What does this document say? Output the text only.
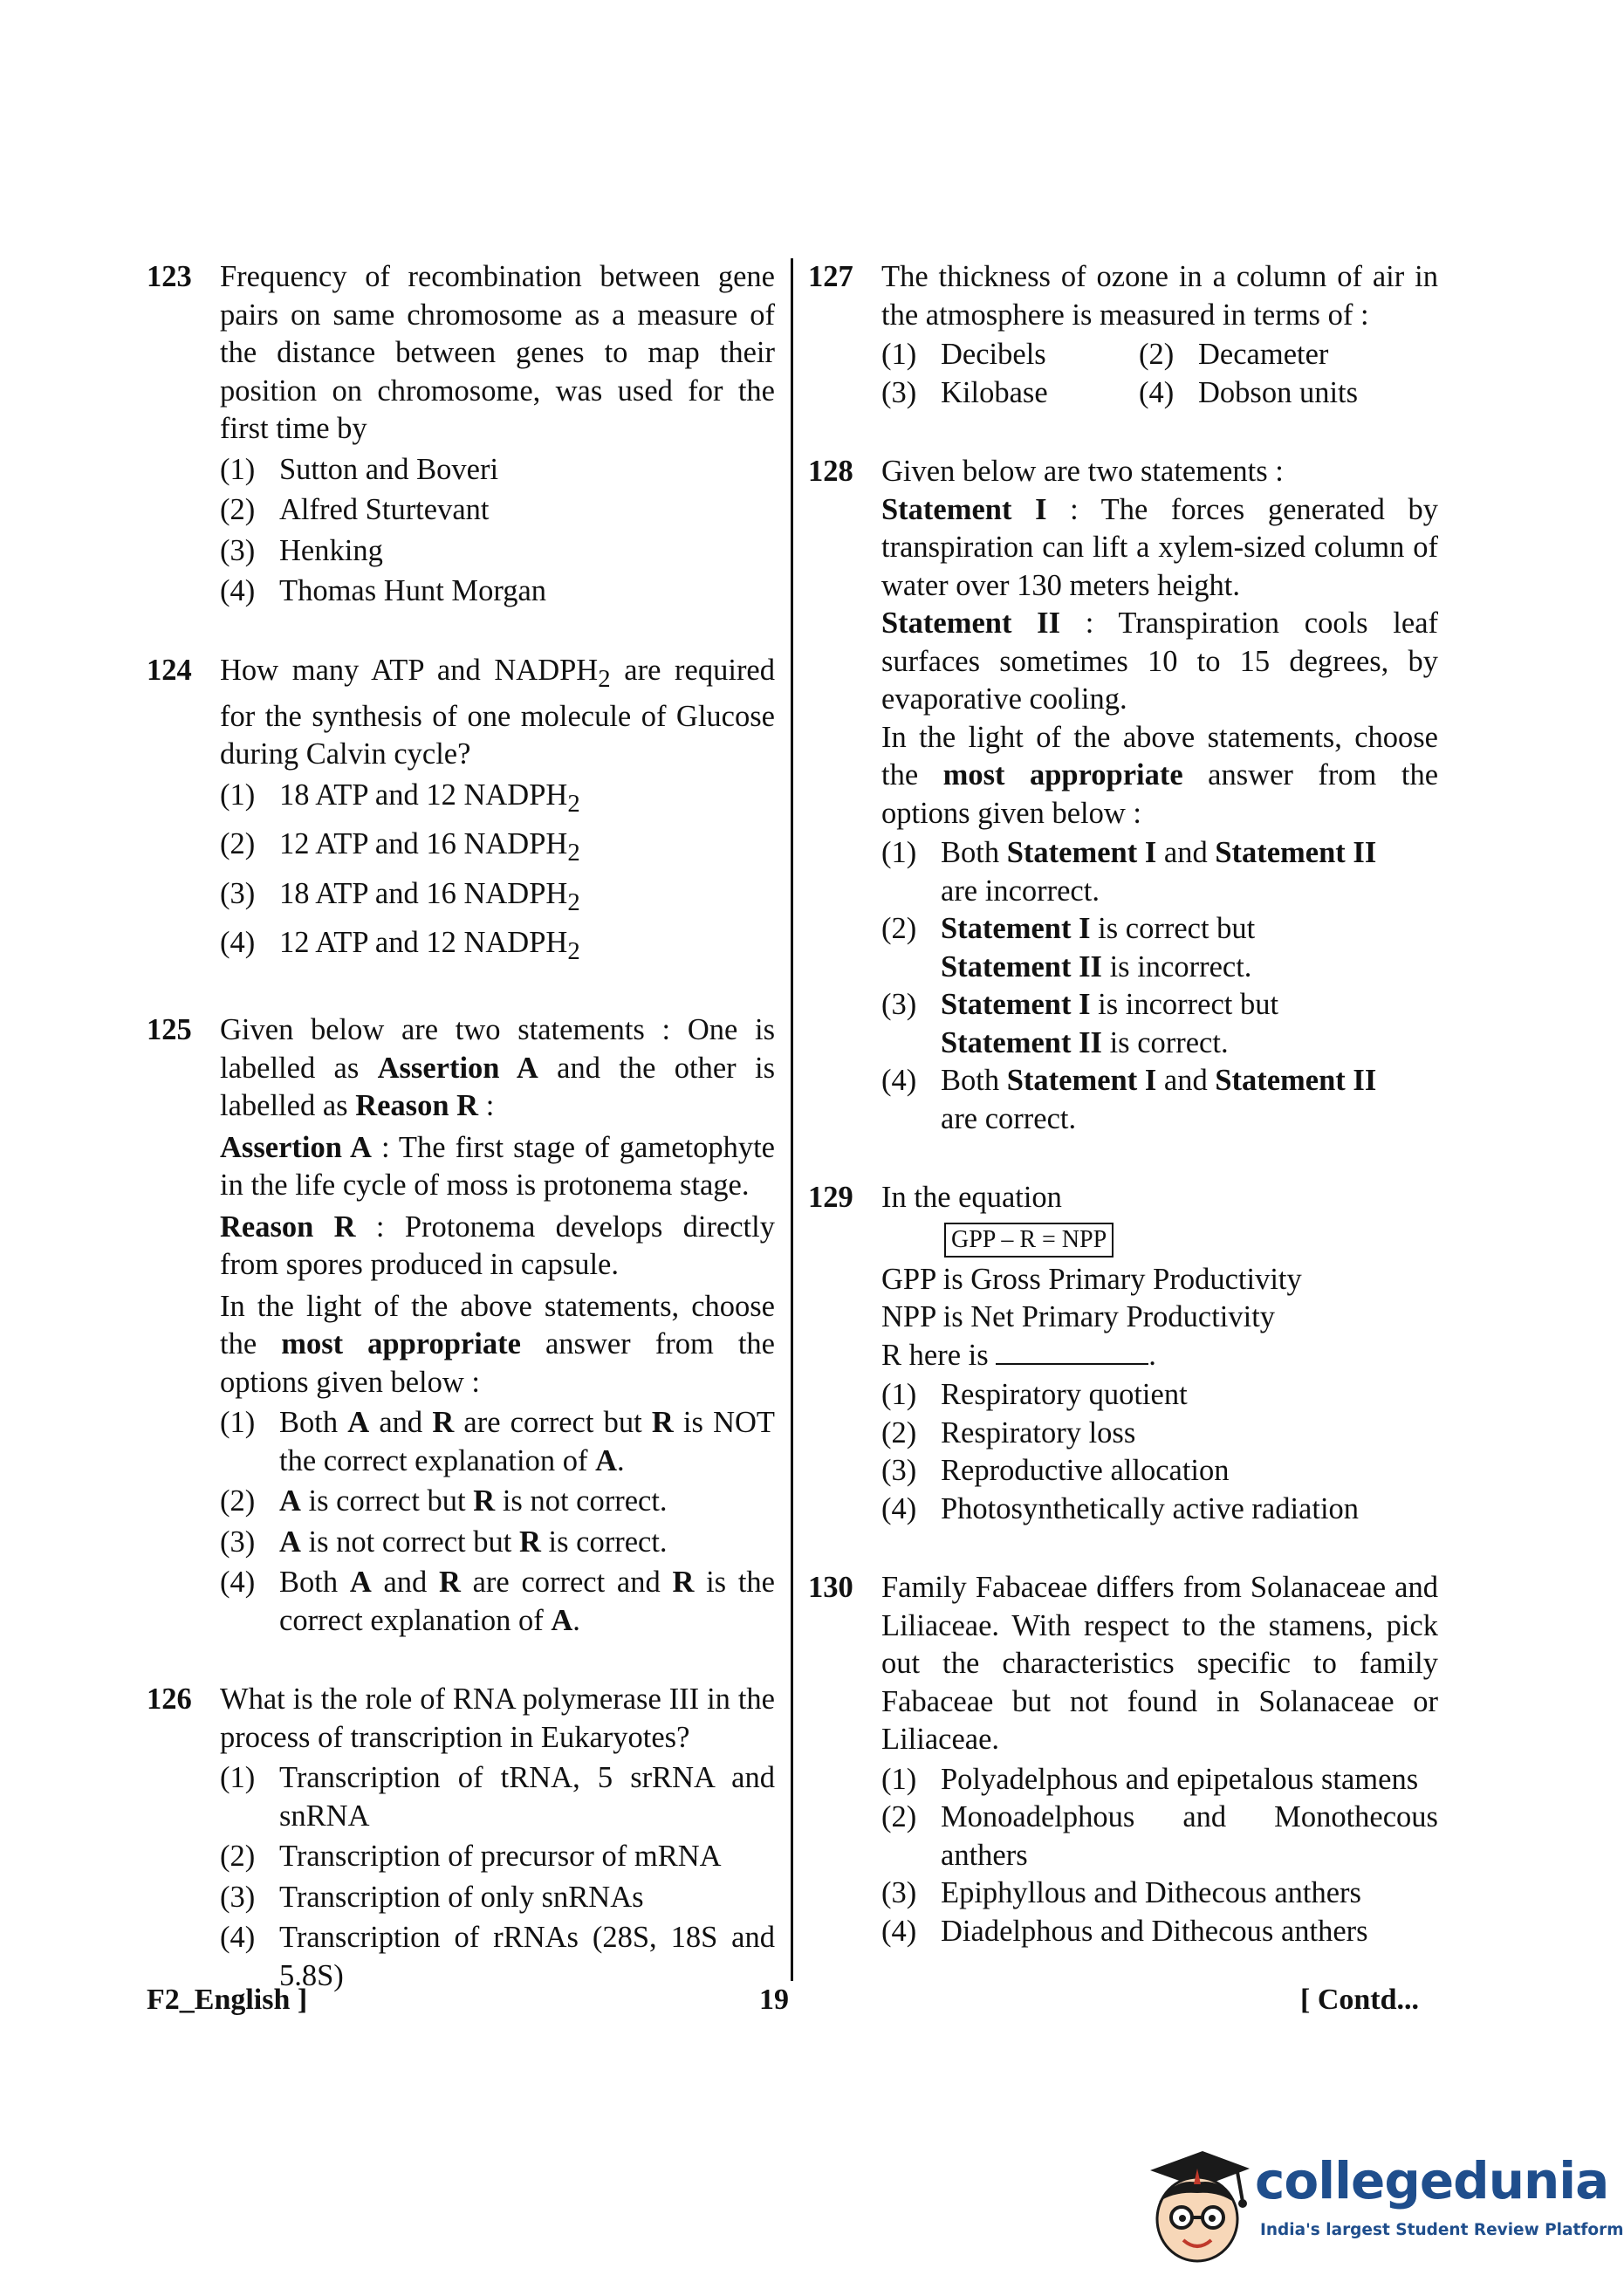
123 Frequency of recombination between gene pairs on same chromosome as a measure of the distance between genes to map their position on chromosome, was used for the first time by

(1) Sutton and Boveri
(2) Alfred Sturtevant
(3) Henking
(4) Thomas Hunt Morgan
124 How many ATP and $NADPH_2$ are required for the synthesis of one molecule of Glucose during Calvin cycle?

(1) 18 ATP and 12 $NADPH_2$
(2) 12 ATP and 16 $NADPH_2$
(3) 18 ATP and 16 $NADPH_2$
(4) 12 ATP and 12 $NADPH_2$
125 Given below are two statements : One is labelled as Assertion A and the other is labelled as Reason R :

Assertion A : The first stage of gametophyte in the life cycle of moss is protonema stage.

Reason R : Protonema develops directly from spores produced in capsule.

In the light of the above statements, choose the most appropriate answer from the options given below :

(1) Both A and R are correct but R is NOT the correct explanation of A.
(2) A is correct but R is not correct.
(3) A is not correct but R is correct.
(4) Both A and R are correct and R is the correct explanation of A.
126 What is the role of RNA polymerase III in the process of transcription in Eukaryotes?

(1) Transcription of tRNA, 5 srRNA and snRNA
(2) Transcription of precursor of mRNA
(3) Transcription of only snRNAs
(4) Transcription of rRNAs (28S, 18S and 5.8S)
127 The thickness of ozone in a column of air in the atmosphere is measured in terms of :

(1) Decibels	(2) Decameter
(3) Kilobase	(4) Dobson units
128 Given below are two statements :

Statement I : The forces generated by transpiration can lift a xylem-sized column of water over 130 meters height.

Statement II : Transpiration cools leaf surfaces sometimes 10 to 15 degrees, by evaporative cooling.

In the light of the above statements, choose the most appropriate answer from the options given below :

(1) Both Statement I and Statement II
are incorrect.
(2) Statement I is correct but
Statement II is incorrect.
(3) Statement I is incorrect but
Statement II is correct.
(4) Both Statement I and Statement II
are correct.
129 In the equation

GPP – R = NPP

GPP is Gross Primary Productivity

NPP is Net Primary Productivity

R here is	.

(1) Respiratory quotient
(2) Respiratory loss
(3) Reproductive allocation
(4) Photosynthetically active radiation
130 Family Fabaceae differs from Solanaceae and Liliaceae. With respect to the stamens, pick out the characteristics specific to family Fabaceae but not found in Solanaceae or Liliaceae.

(1) Polyadelphous and epipetalous stamens
(2) Monoadelphous and Monothecous anthers
(3) Epiphyllous and Dithecous anthers
(4) Diadelphous and Dithecous anthers
F2_English ]	19	[ Contd...
collegedunia
India's largest Student Review Platform
